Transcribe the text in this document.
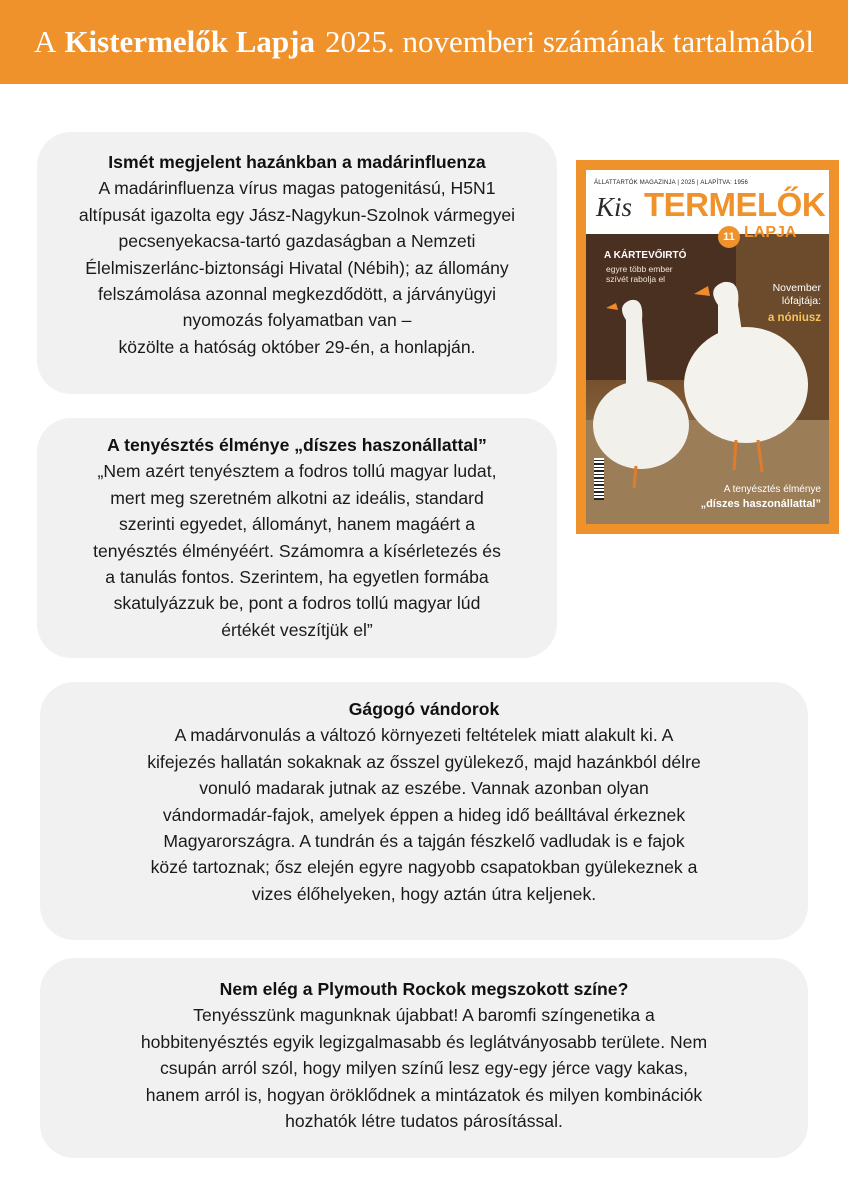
A Kistermelők Lapja 2025. novemberi számának tartalmából
Ismét megjelent hazánkban a madárinfluenza

A madárinfluenza vírus magas patogenitású, H5N1

altípusát igazolta egy Jász-Nagykun-Szolnok vármegyei

pecsenyekacsa-tartó gazdaságban a Nemzeti

Élelmiszerlánc-biztonsági Hivatal (Nébih); az állomány

felszámolása azonnal megkezdődött, a járványügyi

nyomozás folyamatban van –

közölte a hatóság október 29-én, a honlapján.

A tenyésztés élménye „díszes haszonállattal”

„Nem azért tenyésztem a fodros tollú magyar ludat,

mert meg szeretném alkotni az ideális, standard

szerinti egyedet, állományt, hanem magáért a

tenyésztés élményéért. Számomra a kísérletezés és

a tanulás fontos. Szerintem, ha egyetlen formába

skatulyázzuk be, pont a fodros tollú magyar lúd

értékét veszítjük el”

ÁLLATTARTÓK MAGAZINJA | 2025 | ALAPÍTVA: 1956
Kis TERMELŐK
11 LAPJA
A KÁRTEVŐIRTÓ
egyre több ember szívét rabolja el
November lófajtája:
a nóniusz
A tenyésztés élménye
„díszes haszonállattal”
Gágogó vándorok

A madárvonulás a változó környezeti feltételek miatt alakult ki. A

kifejezés hallatán sokaknak az ősszel gyülekező, majd hazánkból délre

vonuló madarak jutnak az eszébe. Vannak azonban olyan

vándormadár-fajok, amelyek éppen a hideg idő beálltával érkeznek

Magyarországra. A tundrán és a tajgán fészkelő vadludak is e fajok

közé tartoznak; ősz elején egyre nagyobb csapatokban gyülekeznek a

vizes élőhelyeken, hogy aztán útra keljenek.

Nem elég a Plymouth Rockok megszokott színe?

Tenyésszünk magunknak újabbat! A baromfi színgenetika a

hobbitenyésztés egyik legizgalmasabb és leglátványosabb területe. Nem

csupán arról szól, hogy milyen színű lesz egy-egy jérce vagy kakas,

hanem arról is, hogyan öröklődnek a mintázatok és milyen kombinációk

hozhatók létre tudatos párosítással.
